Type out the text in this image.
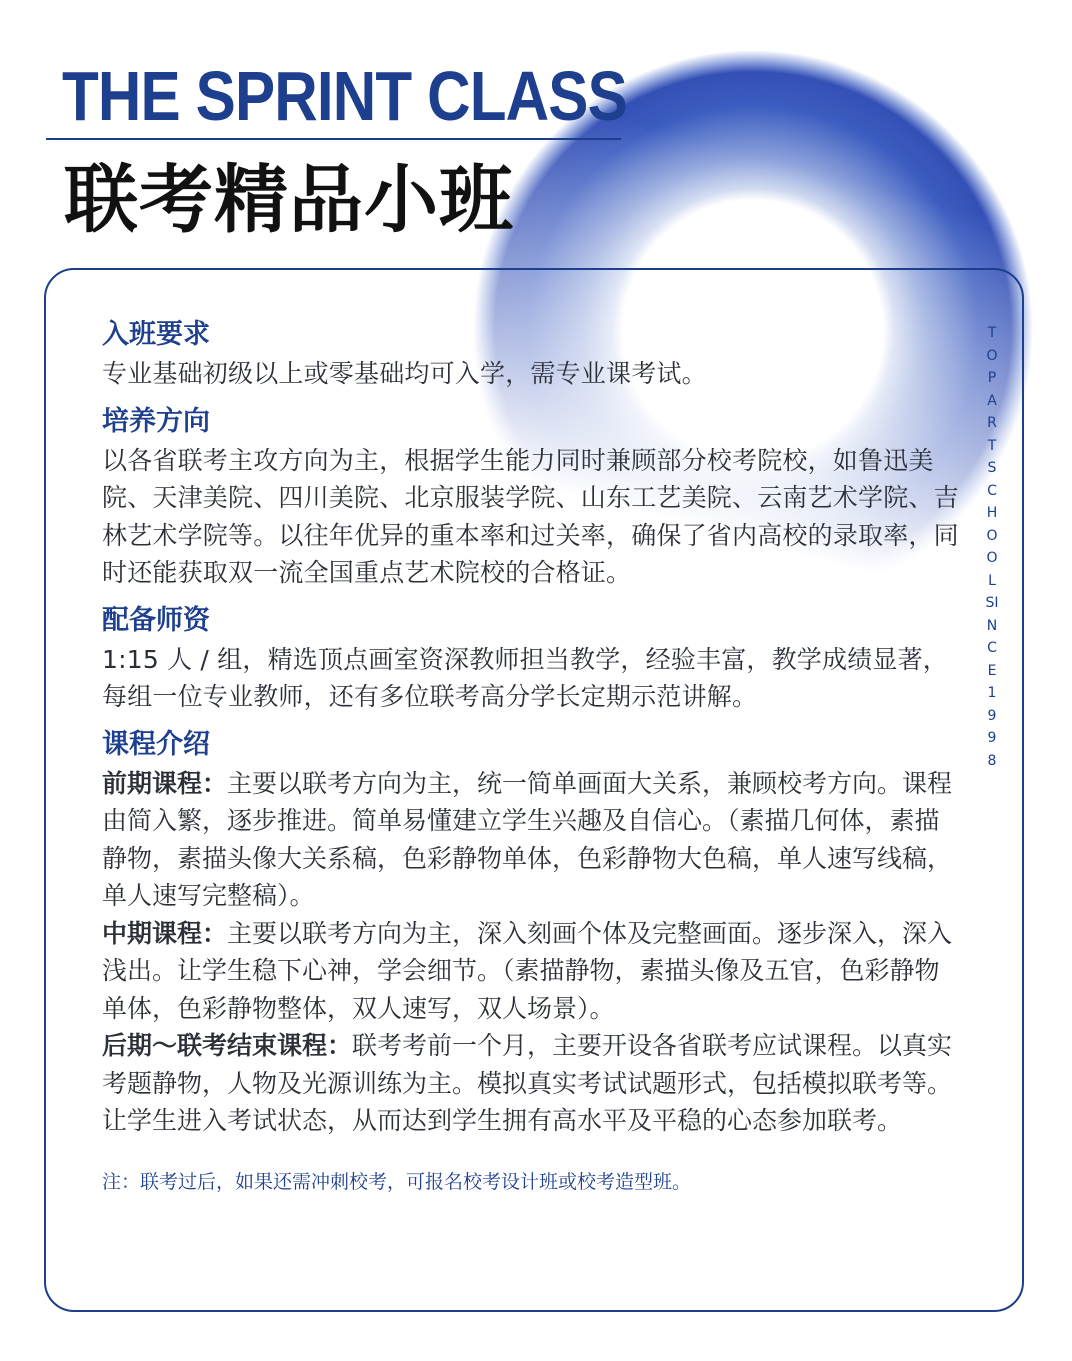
THE SPRINT CLASS
联考精品小班
TOP ART SCHOOL SINCE 1998
入班要求
专业基础初级以上或零基础均可入学，需专业课考试。
培养方向
以各省联考主攻方向为主，根据学生能力同时兼顾部分校考院校，如鲁迅美院、天津美院、四川美院、北京服装学院、山东工艺美院、云南艺术学院、吉林艺术学院等。以往年优异的重本率和过关率，确保了省内高校的录取率，同时还能获取双一流全国重点艺术院校的合格证。
配备师资
1:15 人 / 组，精选顶点画室资深教师担当教学，经验丰富，教学成绩显著，每组一位专业教师，还有多位联考高分学长定期示范讲解。
课程介绍

前期课程：主要以联考方向为主，统一简单画面大关系，兼顾校考方向。课程由简入繁，逐步推进。简单易懂建立学生兴趣及自信心。（素描几何体，素描静物，素描头像大关系稿，色彩静物单体，色彩静物大色稿，单人速写线稿，单人速写完整稿）。

中期课程：主要以联考方向为主，深入刻画个体及完整画面。逐步深入，深入浅出。让学生稳下心神，学会细节。（素描静物，素描头像及五官，色彩静物单体，色彩静物整体，双人速写，双人场景）。

后期～联考结束课程：联考考前一个月，主要开设各省联考应试课程。以真实考题静物，人物及光源训练为主。模拟真实考试试题形式，包括模拟联考等。让学生进入考试状态，从而达到学生拥有高水平及平稳的心态参加联考。

注：联考过后，如果还需冲刺校考，可报名校考设计班或校考造型班。
